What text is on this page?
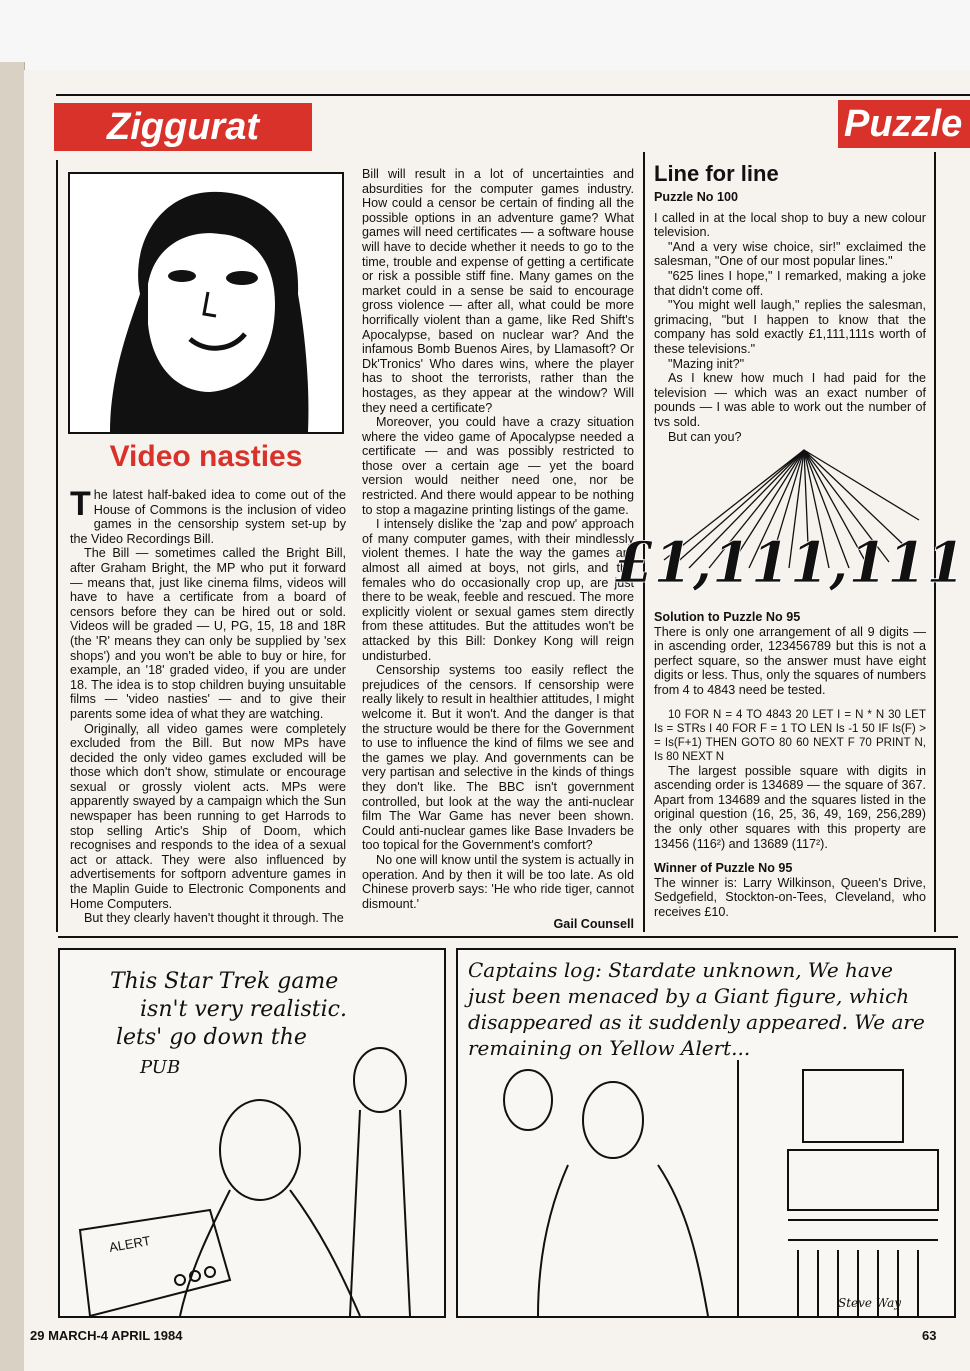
Ziggurat	Puzzle
Video nasties

The latest half-baked idea to come out of the House of Commons is the inclusion of video games in the censorship system set-up by the Video Recordings Bill.

The Bill — sometimes called the Bright Bill, after Graham Bright, the MP who put it forward — means that, just like cinema films, videos will have to have a certificate from a board of censors before they can be hired out or sold. Videos will be graded — U, PG, 15, 18 and 18R (the 'R' means they can only be supplied by 'sex shops') and you won't be able to buy or hire, for example, an '18' graded video, if you are under 18. The idea is to stop children buying unsuitable films — 'video nasties' — and to give their parents some idea of what they are watching.

Originally, all video games were completely excluded from the Bill. But now MPs have decided the only video games excluded will be those which don't show, stimulate or encourage sexual or grossly violent acts. MPs were apparently swayed by a campaign which the Sun newspaper has been running to get Harrods to stop selling Artic's Ship of Doom, which recognises and responds to the idea of a sexual act or attack. They were also influenced by advertisements for softporn adventure games in the Maplin Guide to Electronic Components and Home Computers.

But they clearly haven't thought it through. The

Bill will result in a lot of uncertainties and absurdities for the computer games industry. How could a censor be certain of finding all the possible options in an adventure game? What games will need certificates — a software house will have to decide whether it needs to go to the time, trouble and expense of getting a certificate or risk a possible stiff fine. Many games on the market could in a sense be said to encourage gross violence — after all, what could be more horrifically violent than a game, like Red Shift's Apocalypse, based on nuclear war? And the infamous Bomb Buenos Aires, by Llamasoft? Or Dk'Tronics' Who dares wins, where the player has to shoot the terrorists, rather than the hostages, as they appear at the window? Will they need a certificate?

Moreover, you could have a crazy situation where the video game of Apocalypse needed a certificate — and was possibly restricted to those over a certain age — yet the board version would neither need one, nor be restricted. And there would appear to be nothing to stop a magazine printing listings of the game.

I intensely dislike the 'zap and pow' approach of many computer games, with their mindlessly violent themes. I hate the way the games are almost all aimed at boys, not girls, and the females who do occasionally crop up, are just there to be weak, feeble and rescued. The more explicitly violent or sexual games stem directly from these attitudes. But the attitudes won't be attacked by this Bill: Donkey Kong will reign undisturbed.

Censorship systems too easily reflect the prejudices of the censors. If censorship were really likely to result in healthier attitudes, I might welcome it. But it won't. And the danger is that the structure would be there for the Government to use to influence the kind of films we see and the games we play. And governments can be very partisan and selective in the kinds of things they don't like. The BBC isn't government controlled, but look at the way the anti-nuclear film The War Game has never been shown. Could anti-nuclear games like Base Invaders be too topical for the Government's comfort?

No one will know until the system is actually in operation. And by then it will be too late. As old Chinese proverb says: 'He who ride tiger, cannot dismount.'

Gail Counsell
Line for line
Puzzle No 100

I called in at the local shop to buy a new colour television.

"And a very wise choice, sir!" exclaimed the salesman, "One of our most popular lines."

"625 lines I hope," I remarked, making a joke that didn't come off.

"You might well laugh," replies the salesman, grimacing, "but I happen to know that the company has sold exactly £1,111,111s worth of these televisions."

"Mazing init?"

As I knew how much I had paid for the television — which was an exact number of pounds — I was able to work out the number of tvs sold.

But can you?

£1,111,111
Solution to Puzzle No 95

There is only one arrangement of all 9 digits — in ascending order, 123456789 but this is not a perfect square, so the answer must have eight digits or less. Thus, only the squares of numbers from 4 to 4843 need be tested.

10 FOR N = 4 TO 4843 20 LET I = N * N 30 LET Is = STRs I 40 FOR F = 1 TO LEN Is -1 50 IF Is(F) > = Is(F+1) THEN GOTO 80 60 NEXT F 70 PRINT N, Is 80 NEXT N

The largest possible square with digits in ascending order is 134689 — the square of 367. Apart from 134689 and the squares listed in the original question (16, 25, 36, 49, 169, 256,289) the only other squares with this property are 13456 (116²) and 13689 (117²).

Winner of Puzzle No 95

The winner is: Larry Wilkinson, Queen's Drive, Sedgefield, Stockton-on-Tees, Cleveland, who receives £10.

This Star Trek game
isn't very realistic.
lets' go down the
PUB
ALERT
Captains log: Stardate unknown, We have
just been menaced by a Giant figure, which
disappeared as it suddenly appeared. We are
remaining on Yellow Alert...
Steve Way
29 MARCH-4 APRIL 1984	63
